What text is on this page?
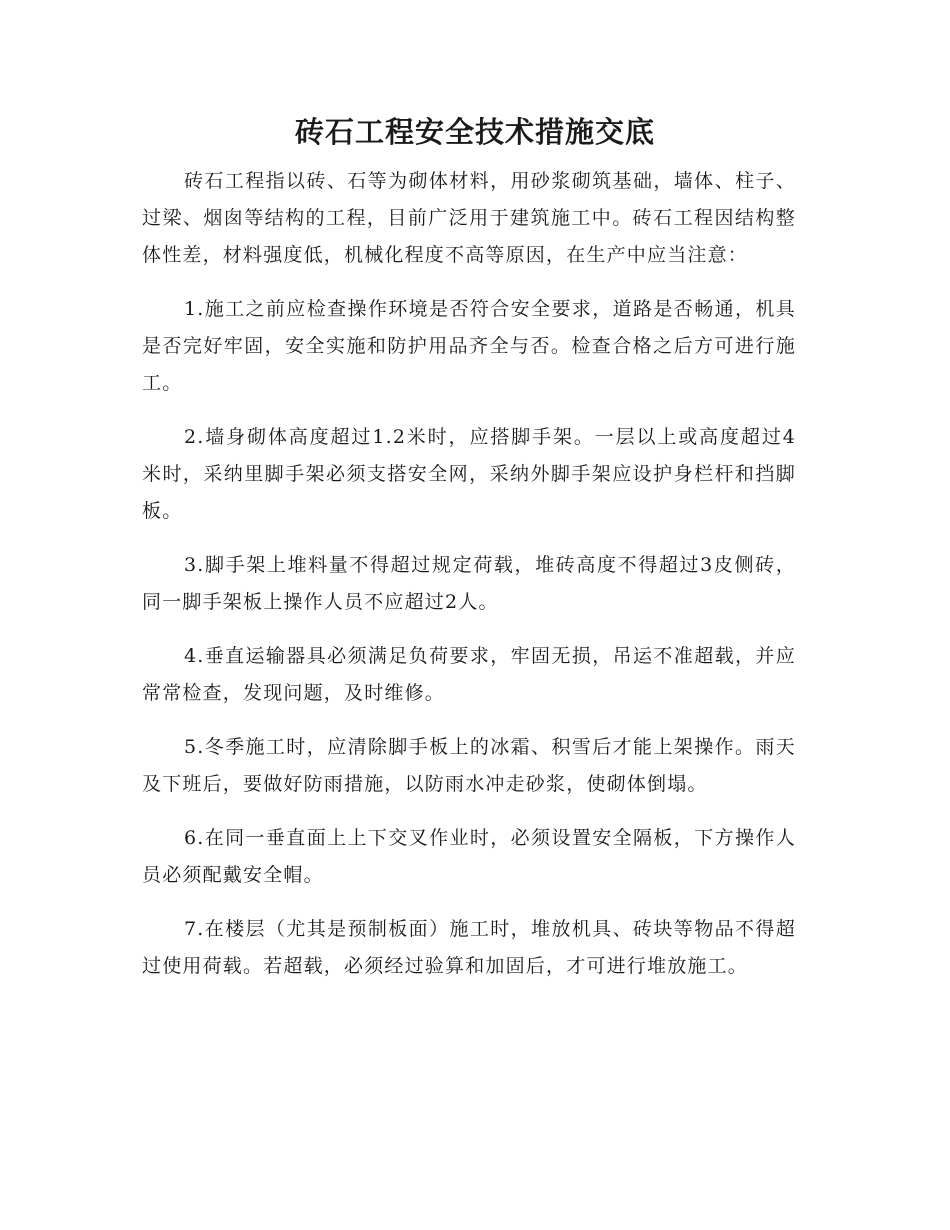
砖石工程安全技术措施交底

砖石工程指以砖、石等为砌体材料，用砂浆砌筑基础，墙体、柱子、过梁、烟囱等结构的工程，目前广泛用于建筑施工中。砖石工程因结构整体性差，材料强度低，机械化程度不高等原因，在生产中应当注意：

1.施工之前应检查操作环境是否符合安全要求，道路是否畅通，机具是否完好牢固，安全实施和防护用品齐全与否。检查合格之后方可进行施工。

2.墙身砌体高度超过1.2米时，应搭脚手架。一层以上或高度超过4米时，采纳里脚手架必须支搭安全网，采纳外脚手架应设护身栏杆和挡脚板。

3.脚手架上堆料量不得超过规定荷载，堆砖高度不得超过3皮侧砖，同一脚手架板上操作人员不应超过2人。

4.垂直运输器具必须满足负荷要求，牢固无损，吊运不准超载，并应常常检查，发现问题，及时维修。

5.冬季施工时，应清除脚手板上的冰霜、积雪后才能上架操作。雨天及下班后，要做好防雨措施，以防雨水冲走砂浆，使砌体倒塌。

6.在同一垂直面上上下交叉作业时，必须设置安全隔板，下方操作人员必须配戴安全帽。

7.在楼层（尤其是预制板面）施工时，堆放机具、砖块等物品不得超过使用荷载。若超载，必须经过验算和加固后，才可进行堆放施工。
